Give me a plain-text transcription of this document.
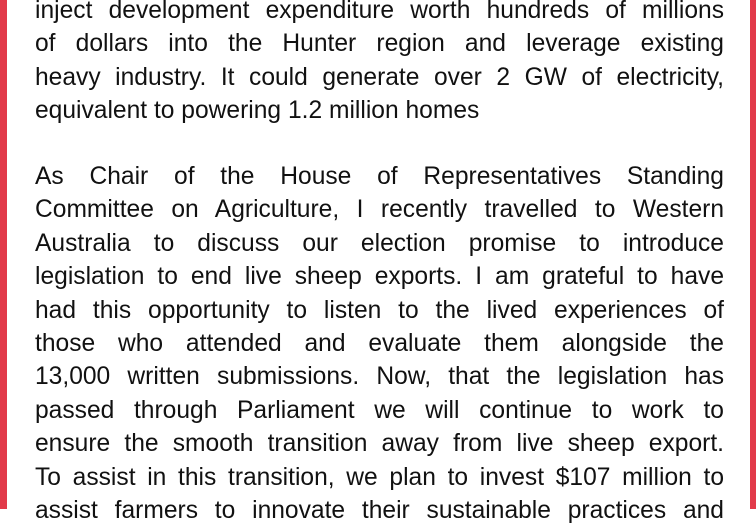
inject development expenditure worth hundreds of millions
of dollars into the Hunter region and leverage existing
heavy industry. It could generate over 2 GW of electricity,
equivalent to powering 1.2 million homes
As Chair of the House of Representatives Standing
Committee on Agriculture, I recently travelled to Western
Australia to discuss our election promise to introduce
legislation to end live sheep exports. I am grateful to have
had this opportunity to listen to the lived experiences of
those who attended and evaluate them alongside the
13,000 written submissions. Now, that the legislation has
passed through Parliament we will continue to work to
ensure the smooth transition away from live sheep export.
To assist in this transition, we plan to invest $107 million to
assist farmers to innovate their sustainable practices and
